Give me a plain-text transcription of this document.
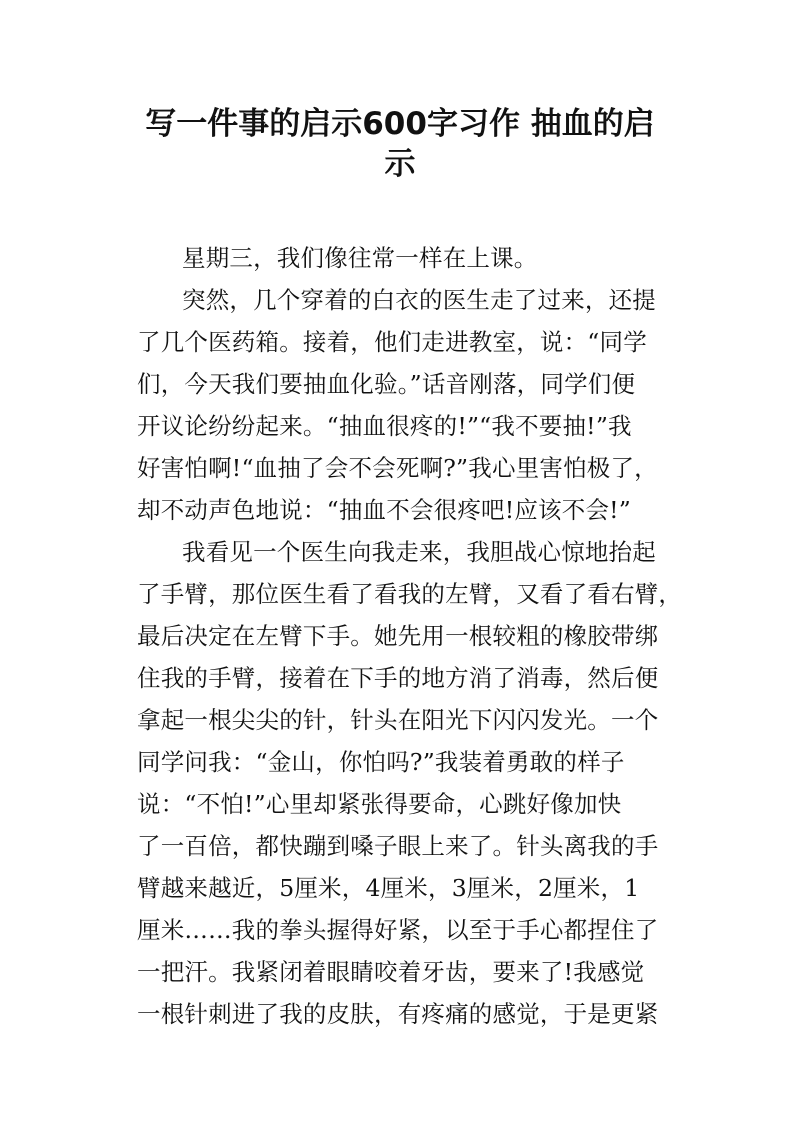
写一件事的启示600字习作 抽血的启
示
星期三，我们像往常一样在上课。
突然，几个穿着的白衣的医生走了过来，还提
了几个医药箱。接着，他们走进教室，说：“同学
们，今天我们要抽血化验。”话音刚落，同学们便
开议论纷纷起来。“抽血很疼的!”“我不要抽!”我
好害怕啊!“血抽了会不会死啊?”我心里害怕极了，
却不动声色地说：“抽血不会很疼吧!应该不会!”
我看见一个医生向我走来，我胆战心惊地抬起
了手臂，那位医生看了看我的左臂，又看了看右臂，
最后决定在左臂下手。她先用一根较粗的橡胶带绑
住我的手臂，接着在下手的地方消了消毒，然后便
拿起一根尖尖的针，针头在阳光下闪闪发光。一个
同学问我：“金山，你怕吗?”我装着勇敢的样子
说：“不怕!”心里却紧张得要命，心跳好像加快
了一百倍，都快蹦到嗓子眼上来了。针头离我的手
臂越来越近，5厘米，4厘米，3厘米，2厘米，1
厘米……我的拳头握得好紧，以至于手心都捏住了
一把汗。我紧闭着眼睛咬着牙齿，要来了!我感觉
一根针刺进了我的皮肤，有疼痛的感觉，于是更紧
